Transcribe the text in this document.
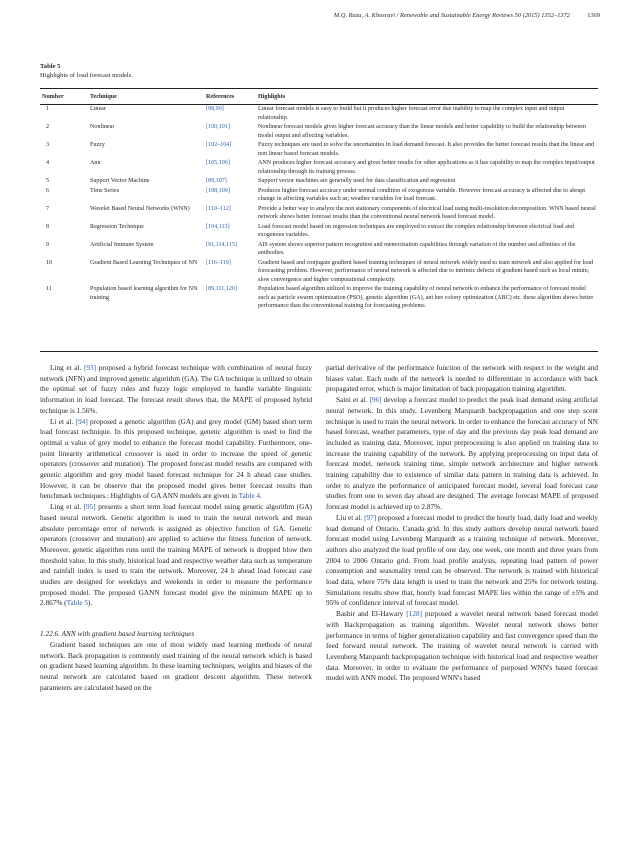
M.Q. Raza, A. Khosravi / Renewable and Sustainable Energy Reviews 50 (2015) 1352–1372	1369
Table 5
Highlights of load forecast models.
Number	Technique	References	Highlights
1	Linear	[98,99]	Linear forecast models is easy to build but it produces higher forecast error due inability to map the complex input and output relationship.
2	Nonlinear	[100,101]	Nonlinear forecast models gives higher forecast accuracy than the linear models and better capability to build the relationship between model output and affecting variables.
3	Fuzzy	[102–104]	Fuzzy techniques are used to solve the uncertainties in load demand forecast. It also provides the better forecast results than the linear and non linear based forecast models.
4	Ann	[105,106]	ANN produces higher forecast accuracy and gives better results for other applications as it has capability to map the complex input/output relationship through its training process.
5	Support Vector Machine	[89,107]	Support vector machines are generally used for data classification and regression
6	Time Series	[108,109]	Produces higher forecast accuracy under normal condition of exogenous variable. However forecast accuracy is affected due to abrupt change in affecting variables such as; weather variables for load forecast.
7	Wavelet Based Neural Networks (WNN)	[110–112]	Provide a better way to analyze the non stationary components of electrical load using multi-resolution decomposition. WNN based neural network shows better forecast results than the conventional neural network based forecast model.
8	Regression Technique	[104,113]	Load forecast model based on regression techniques are employed to extract the complex relationship between electrical load and exogenous variables.
9	Artificial Immune System	[91,114,115]	AIS system shows superior pattern recognition and memorization capabilities through variation of the number and affinities of the antibodies.
10	Gradient Based Learning Techniques of NN	[116–119]	Gradient based and conjugate gradient based training techniques of neural network widely used to train network and also applied for load forecasting problem. However, performance of neural network is affected due to intrinsic defects of gradient based such as local minim, slow convergence and higher computational complexity.
11	Population based learning algorithm for NN training	[89,111,120]	Population based algorithm utilized to improve the training capability of neural network to enhance the performance of forecast model such as particle swarm optimization (PSO), genetic algorithm (GA), ant bee colony optimization (ABC) etc. these algorithm shows better performance than the conventional training for forecasting problems.

Ling et al. [93] proposed a hybrid forecast technique with combination of neural fuzzy network (NFN) and improved genetic algorithm (GA). The GA technique is utilized to obtain the optimal set of fuzzy rules and fuzzy logic employed to handle variable linguistic information in load forecast. The forecast result shows that, the MAPE of proposed hybrid technique is 1.56%.

Li et al. [94] proposed a genetic algorithm (GA) and grey model (GM) based short term load forecast technique. In this proposed technique, genetic algorithm is used to find the optimal α value of grey model to enhance the forecast model capability. Furthermore, one-point linearity arithmetical crossover is used in order to increase the speed of genetic operators (crossover and mutation). The proposed forecast model results are compared with genetic algorithm and grey model based forecast technique for 24 h ahead case studies. However, it can be observe that the proposed model gives better forecast results than benchmark techniques.: Highlights of GA ANN models are given in Table 4.

Ling et al. [95] presents a short term load forecast model using genetic algorithm (GA) based neural network. Genetic algorithm is used to train the neural network and mean absolute percentage error of network is assigned as objective function of GA. Genetic operators (crossover and mutation) are applied to achieve the fitness function of network. Moreover, genetic algorithm runs until the training MAPE of network is dropped blow then threshold value. In this study, historical load and respective weather data such as temperature and rainfall index is used to train the network. Moreover, 24 h ahead load forecast case studies are designed for weekdays and weekends in order to measure the performance proposed model. The proposed GANN forecast model give the minimum MAPE up to 2.867% (Table 5).

1.22.6. ANN with gradient based learning techniques

Gradient based techniques are one of most widely used learning methods of neural network. Back propagation is commonly used training of the neural network which is based on gradient based learning algorithm. In these learning techniques, weights and biases of the neural network are calculated based on gradient descent algorithm. These network parameters are calculated based on the

partial derivative of the performance function of the network with respect to the weight and biases value. Each node of the network is needed to differentiate in accordance with back propagated error, which is major limitation of back propagation training algorithm.

Saini et al. [96] develop a forecast model to predict the peak load demand using artificial neural network. In this study, Levenberg Marquardt backpropagation and one step scent technique is used to train the neural network. In order to enhance the forecast accuracy of NN based forecast, weather parameters, type of day and the previous day peak load demand are included as training data. Moreover, input preprocessing is also applied on training data to increase the training capability of the network. By applying preprocessing on input data of forecast model, network training time, simple network architecture and higher network training capability due to existence of similar data pattern in training data is achieved. In order to analyze the performance of anticipated forecast model, several load forecast case studies from one to seven day ahead are designed. The average forecast MAPE of proposed forecast model is achieved up to 2.87%.

Liu et al. [97] proposed a forecast model to predict the hourly load, daily load and weekly load demand of Ontario, Canada grid. In this study authors develop neural network based forecast model using Levenberg Marquardt as a training technique of network. Moreover, authors also analyzed the load profile of one day, one week, one month and three years from 2004 to 2006 Ontario grid. From load profile analysis, repeating load pattern of power consumption and seasonality trend can be observed. The network is trained with historical load data, where 75% data length is used to train the network and 25% for network testing. Simulations results show that, hourly load forecast MAPE lies within the range of ±5% and 95% of confidence interval of forecast model.

Bashir and El-Hawary [128] purposed a wavelet neural network based forecast model with Backpropagation as training algorithm. Wavelet neural network shows better performance in terms of higher generalization capability and fast convergence speed than the feed forward neural network. The training of wavelet neural network is carried with Levenberg Marquardt backpropagation technique with historical load and respective weather data. Moreover, in order to evaluate the performance of purposed WNN's based forecast model with ANN model. The proposed WNN's based
